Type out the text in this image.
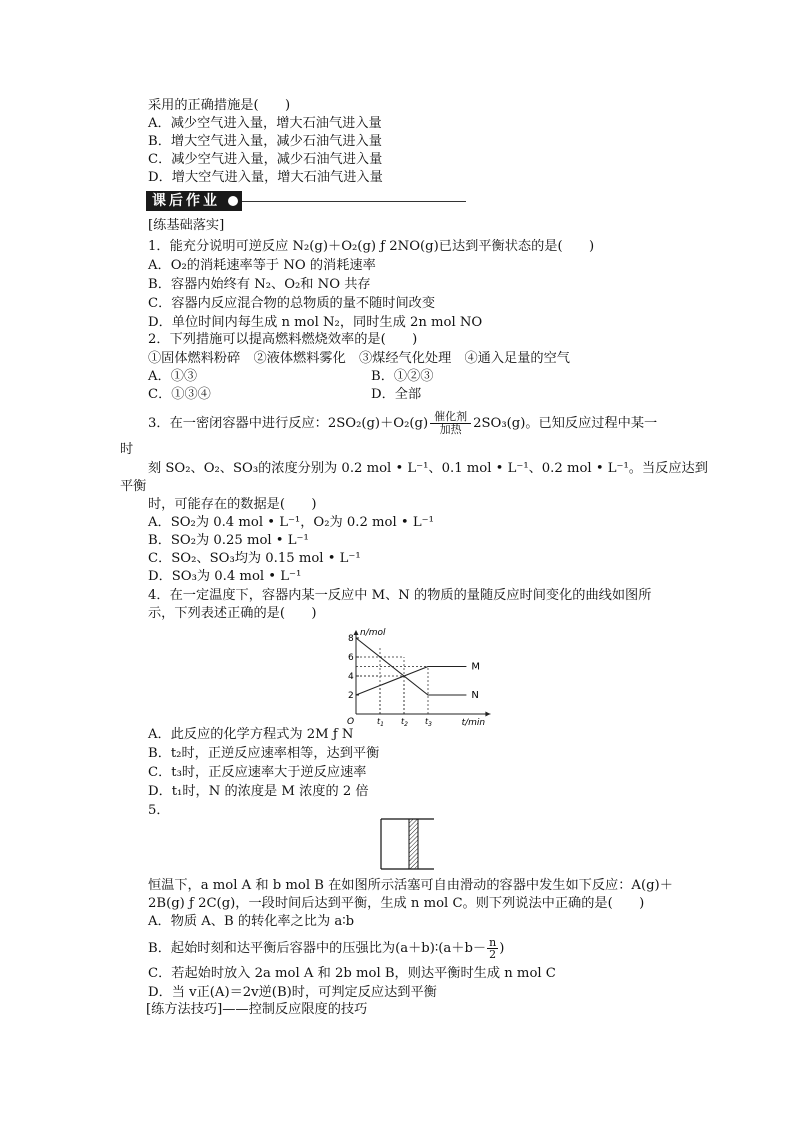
采用的正确措施是(　　)
A．减少空气进入量，增大石油气进入量
B．增大空气进入量，减少石油气进入量
C．减少空气进入量，减少石油气进入量
D．增大空气进入量，增大石油气进入量
课后作业
[练基础落实]
1．能充分说明可逆反应 N₂(g)＋O₂(g) ƒ 2NO(g)已达到平衡状态的是(　　)
A．O₂的消耗速率等于 NO 的消耗速率
B．容器内始终有 N₂、O₂和 NO 共存
C．容器内反应混合物的总物质的量不随时间改变
D．单位时间内每生成 n mol N₂，同时生成 2n mol NO
2．下列措施可以提高燃料燃烧效率的是(　　)
①固体燃料粉碎　②液体燃料雾化　③煤经气化处理　④通入足量的空气
A．①③	B．①②③
C．①③④	D．全部
3．在一密闭容器中进行反应：2SO₂(g)＋O₂(g) 催化剂
加热 2SO₃(g)。已知反应过程中某一
时
刻 SO₂、O₂、SO₃的浓度分别为 0.2 mol • L⁻¹、0.1 mol • L⁻¹、0.2 mol • L⁻¹。当反应达到
平衡
时，可能存在的数据是(　　)
A．SO₂为 0.4 mol • L⁻¹，O₂为 0.2 mol • L⁻¹
B．SO₂为 0.25 mol • L⁻¹
C．SO₂、SO₃均为 0.15 mol • L⁻¹
D．SO₃为 0.4 mol • L⁻¹
4．在一定温度下，容器内某一反应中 M、N 的物质的量随反应时间变化的曲线如图所
示，下列表述正确的是(　　)
n/mol
t/min
O
2
4
6
8
$t_1$ $t_2$ $t_3$
M
N
A．此反应的化学方程式为 2M ƒ N
B．t₂时，正逆反应速率相等，达到平衡
C．t₃时，正反应速率大于逆反应速率
D．t₁时，N 的浓度是 M 浓度的 2 倍
5．
恒温下，a mol A 和 b mol B 在如图所示活塞可自由滑动的容器中发生如下反应：A(g)＋
2B(g) ƒ 2C(g)，一段时间后达到平衡，生成 n mol C。则下列说法中正确的是(　　)
A．物质 A、B 的转化率之比为 a∶b
B．起始时刻和达平衡后容器中的压强比为(a＋b)∶(a＋b－ $\frac{n}{2}$ )
C．若起始时放入 2a mol A 和 2b mol B，则达平衡时生成 n mol C
D．当 v正(A)＝2v逆(B)时，可判定反应达到平衡
[练方法技巧]——控制反应限度的技巧
